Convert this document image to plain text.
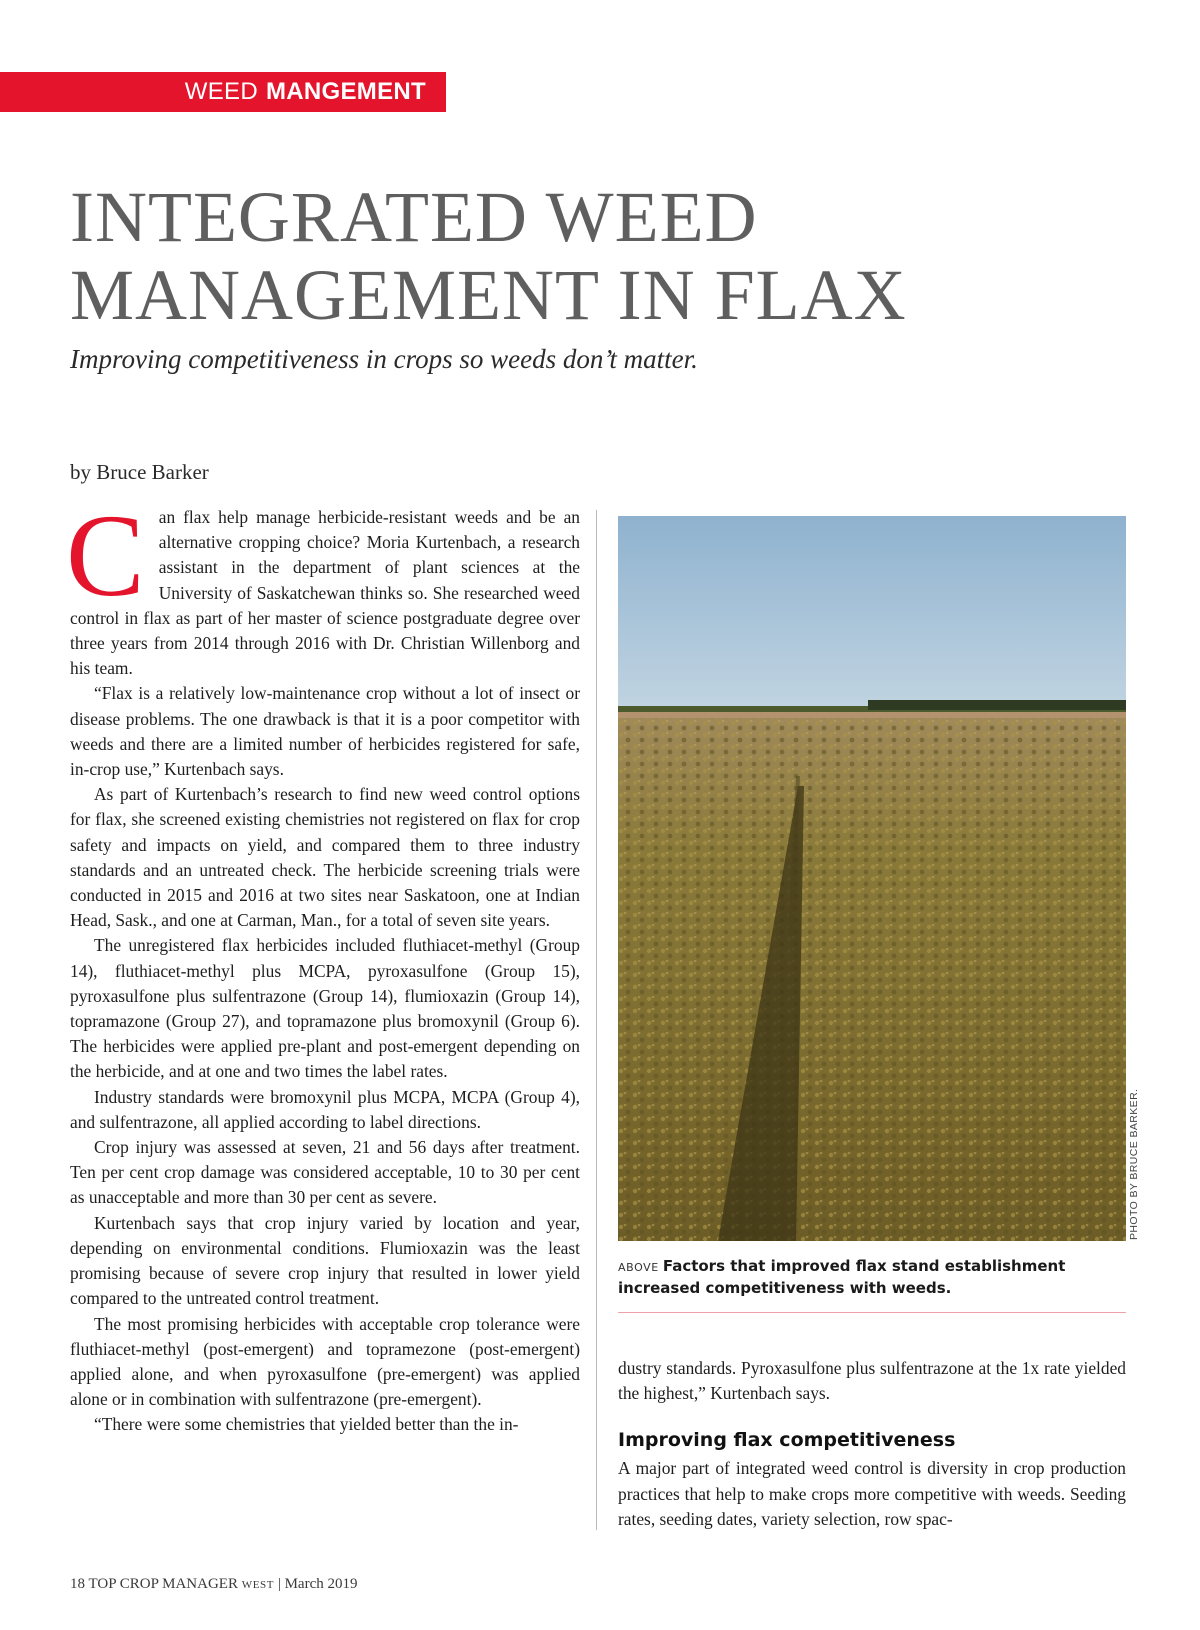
WEED MANGEMENT
INTEGRATED WEED
MANAGEMENT IN FLAX

Improving competitiveness in crops so weeds don’t matter.

by Bruce Barker

Can flax help manage herbicide-resistant weeds and be an alternative cropping choice? Moria Kurtenbach, a research assistant in the department of plant sciences at the University of Saskatchewan thinks so. She researched weed control in flax as part of her master of science postgraduate degree over three years from 2014 through 2016 with Dr. Christian Willenborg and his team.

“Flax is a relatively low-maintenance crop without a lot of insect or disease problems. The one drawback is that it is a poor competitor with weeds and there are a limited number of herbicides registered for safe, in-crop use,” Kurtenbach says.

As part of Kurtenbach’s research to find new weed control options for flax, she screened existing chemistries not registered on flax for crop safety and impacts on yield, and compared them to three industry standards and an untreated check. The herbicide screening trials were conducted in 2015 and 2016 at two sites near Saskatoon, one at Indian Head, Sask., and one at Carman, Man., for a total of seven site years.

The unregistered flax herbicides included fluthiacet-methyl (Group 14), fluthiacet-methyl plus MCPA, pyroxasulfone (Group 15), pyroxasulfone plus sulfentrazone (Group 14), flumioxazin (Group 14), topramazone (Group 27), and topramazone plus bromoxynil (Group 6). The herbicides were applied pre-plant and post-emergent depending on the herbicide, and at one and two times the label rates.

Industry standards were bromoxynil plus MCPA, MCPA (Group 4), and sulfentrazone, all applied according to label directions.

Crop injury was assessed at seven, 21 and 56 days after treatment. Ten per cent crop damage was considered acceptable, 10 to 30 per cent as unacceptable and more than 30 per cent as severe.

Kurtenbach says that crop injury varied by location and year, depending on environmental conditions. Flumioxazin was the least promising because of severe crop injury that resulted in lower yield compared to the untreated control treatment.

The most promising herbicides with acceptable crop tolerance were fluthiacet-methyl (post-emergent) and topramezone (post-emergent) applied alone, and when pyroxasulfone (pre-emergent) was applied alone or in combination with sulfentrazone (pre-emergent).

“There were some chemistries that yielded better than the in-

PHOTO BY BRUCE BARKER.
ABOVE Factors that improved flax stand establishment increased competitiveness with weeds.

dustry standards. Pyroxasulfone plus sulfentrazone at the 1x rate yielded the highest,” Kurtenbach says.

Improving flax competitiveness

A major part of integrated weed control is diversity in crop production practices that help to make crops more competitive with weeds. Seeding rates, seeding dates, variety selection, row spac-

18 TOP CROP MANAGER WEST | March 2019
